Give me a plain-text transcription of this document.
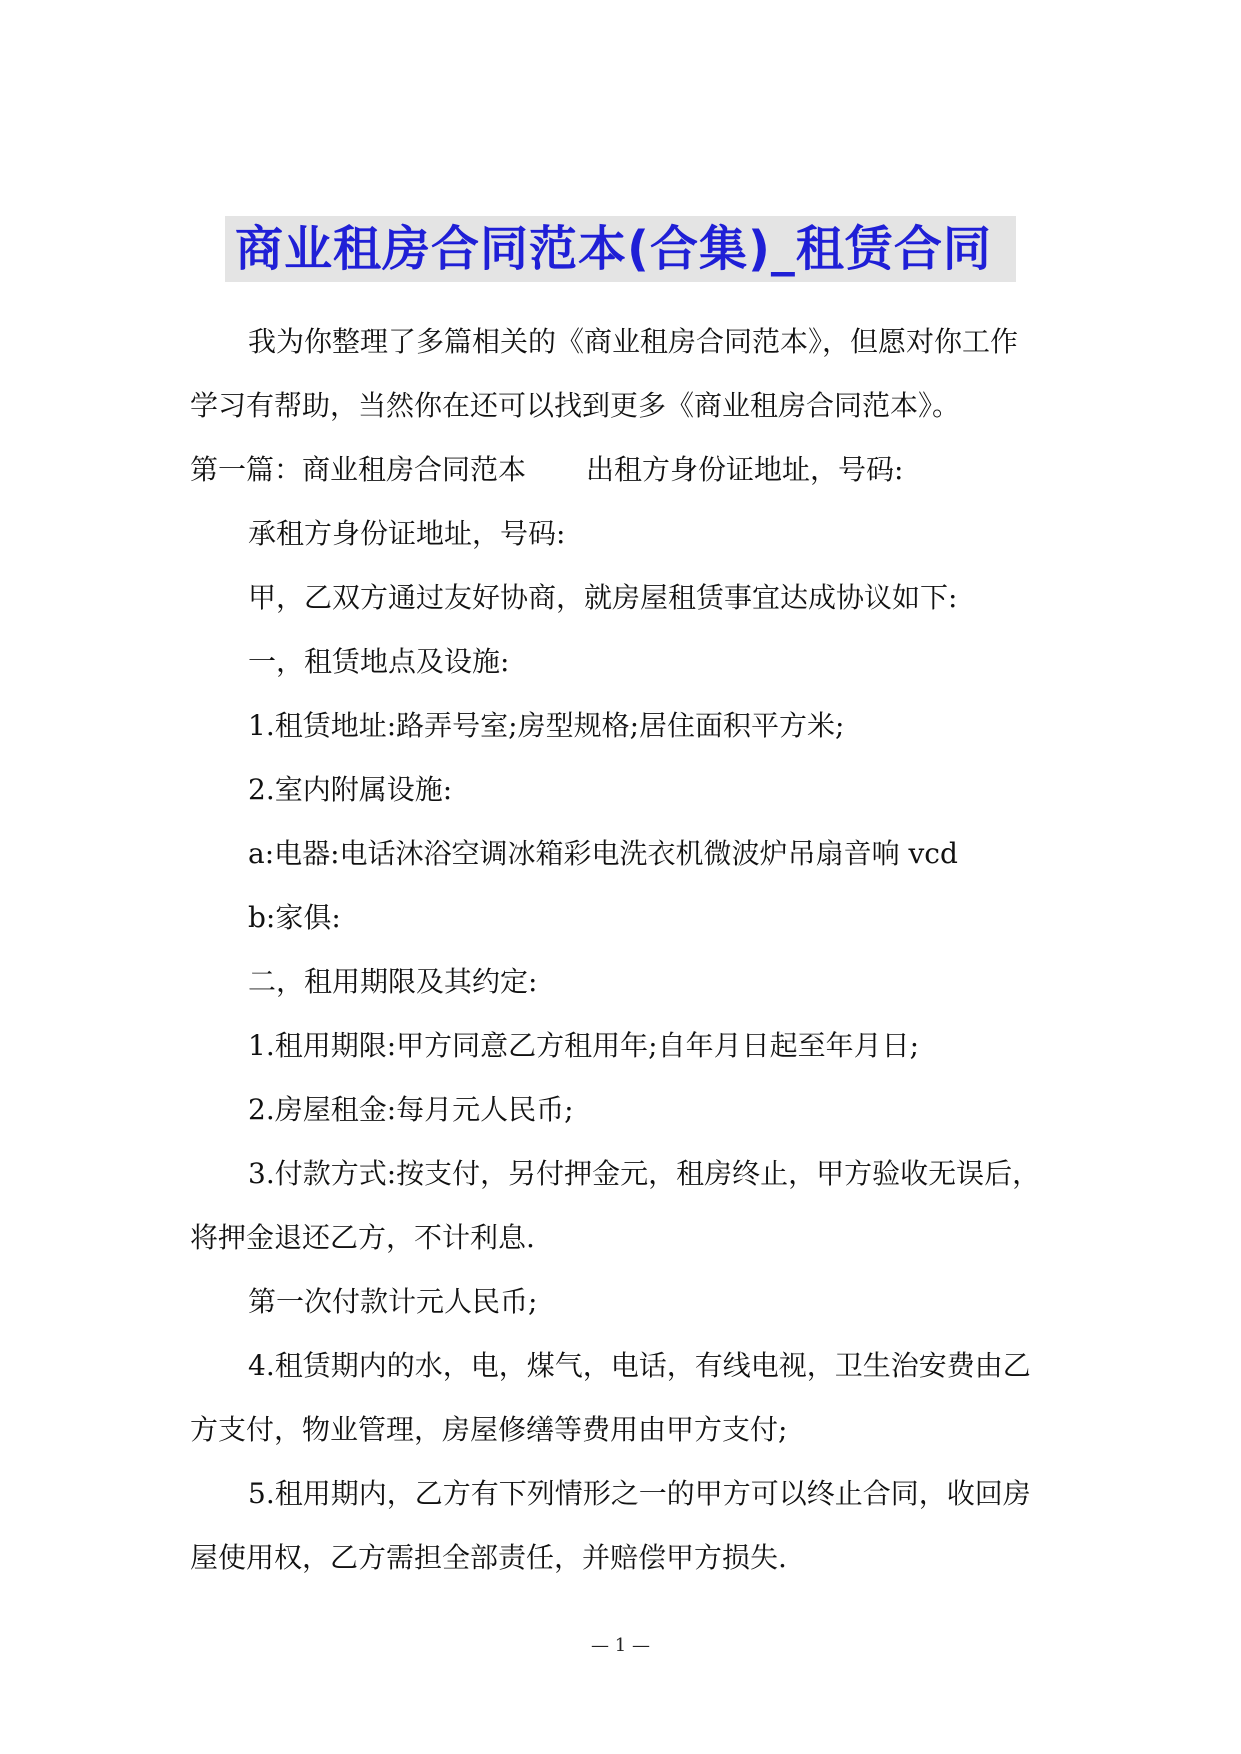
商业租房合同范本(合集)_租赁合同
我为你整理了多篇相关的《商业租房合同范本》，但愿对你工作
学习有帮助，当然你在还可以找到更多《商业租房合同范本》。
第一篇：商业租房合同范本 出租方身份证地址，号码:
承租方身份证地址，号码:
甲，乙双方通过友好协商，就房屋租赁事宜达成协议如下:
一，租赁地点及设施:
1.租赁地址:路弄号室;房型规格;居住面积平方米;
2.室内附属设施:
a:电器:电话沐浴空调冰箱彩电洗衣机微波炉吊扇音响 vcd
b:家俱:
二，租用期限及其约定:
1.租用期限:甲方同意乙方租用年;自年月日起至年月日;
2.房屋租金:每月元人民币;
3.付款方式:按支付，另付押金元，租房终止，甲方验收无误后，
将押金退还乙方，不计利息.
第一次付款计元人民币;
4.租赁期内的水，电，煤气，电话，有线电视，卫生治安费由乙
方支付，物业管理，房屋修缮等费用由甲方支付;
5.租用期内，乙方有下列情形之一的甲方可以终止合同，收回房
屋使用权，乙方需担全部责任，并赔偿甲方损失.
— 1 —
